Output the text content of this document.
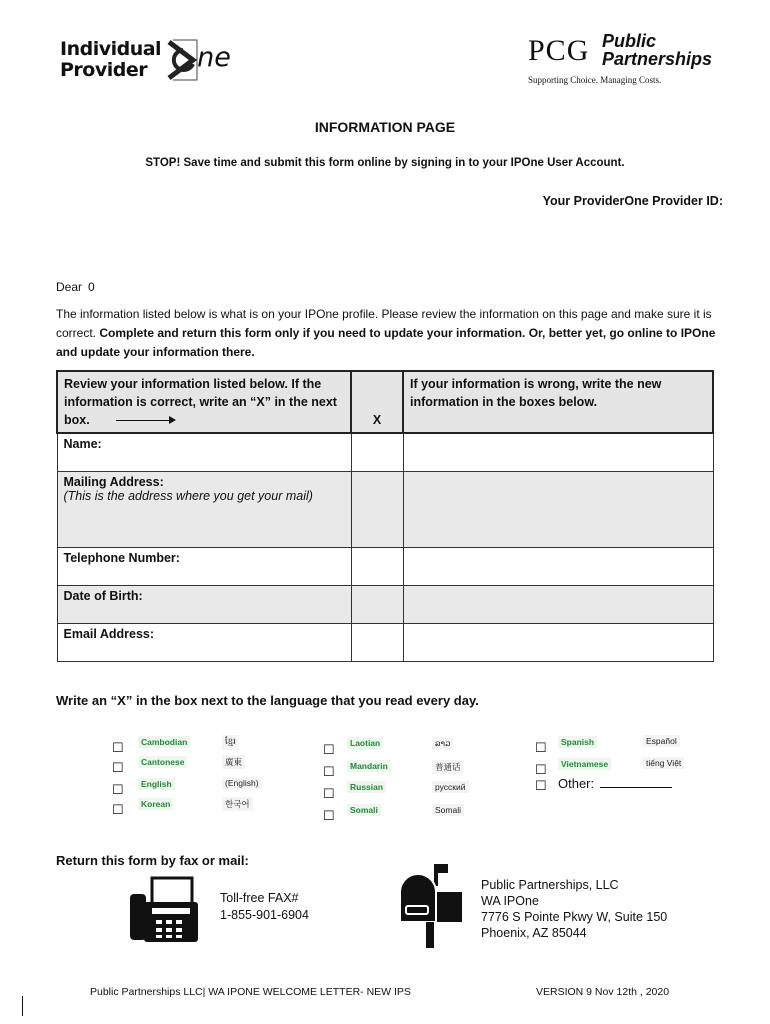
Individual
Provider	ne	PCG Public
Partnerships
Supporting Choice. Managing Costs.
INFORMATION PAGE
STOP! Save time and submit this form online by signing in to your IPOne User Account.
Your ProviderOne Provider ID:
Dear 0
The information listed below is what is on your IPOne profile. Please review the information on this page and make sure it is correct. Complete and return this form only if you need to update your information. Or, better yet, go online to IPOne and update your information there.
Review your information listed below. If the information is correct, write an “X” in the next box.	X	If your information is wrong, write the new information in the boxes below.
Name:		

Mailing Address:
(This is the address where you get your mail)		

Telephone Number:		
Date of Birth:		
Email Address:		
Write an “X” in the box next to the language that you read every day.
☐	Cambodian	ខ្មែរ
☐	Cantonese	廣東
☐	English	(English)
☐	Korean	한국어
☐	Laotian	ລາວ
☐	Mandarin	普通话
☐	Russian	русский
☐	Somali	Somali
☐	Spanish	Español
☐	Vietnamese	tiếng Việt
☐ Other:
Return this form by fax or mail:
Toll-free FAX#
1-855-901-6904
Public Partnerships, LLC
WA IPOne
7776 S Pointe Pkwy W, Suite 150
Phoenix, AZ 85044
Public Partnerships LLC| WA IPONE WELCOME LETTER- NEW IPS	VERSION 9 Nov 12th , 2020
